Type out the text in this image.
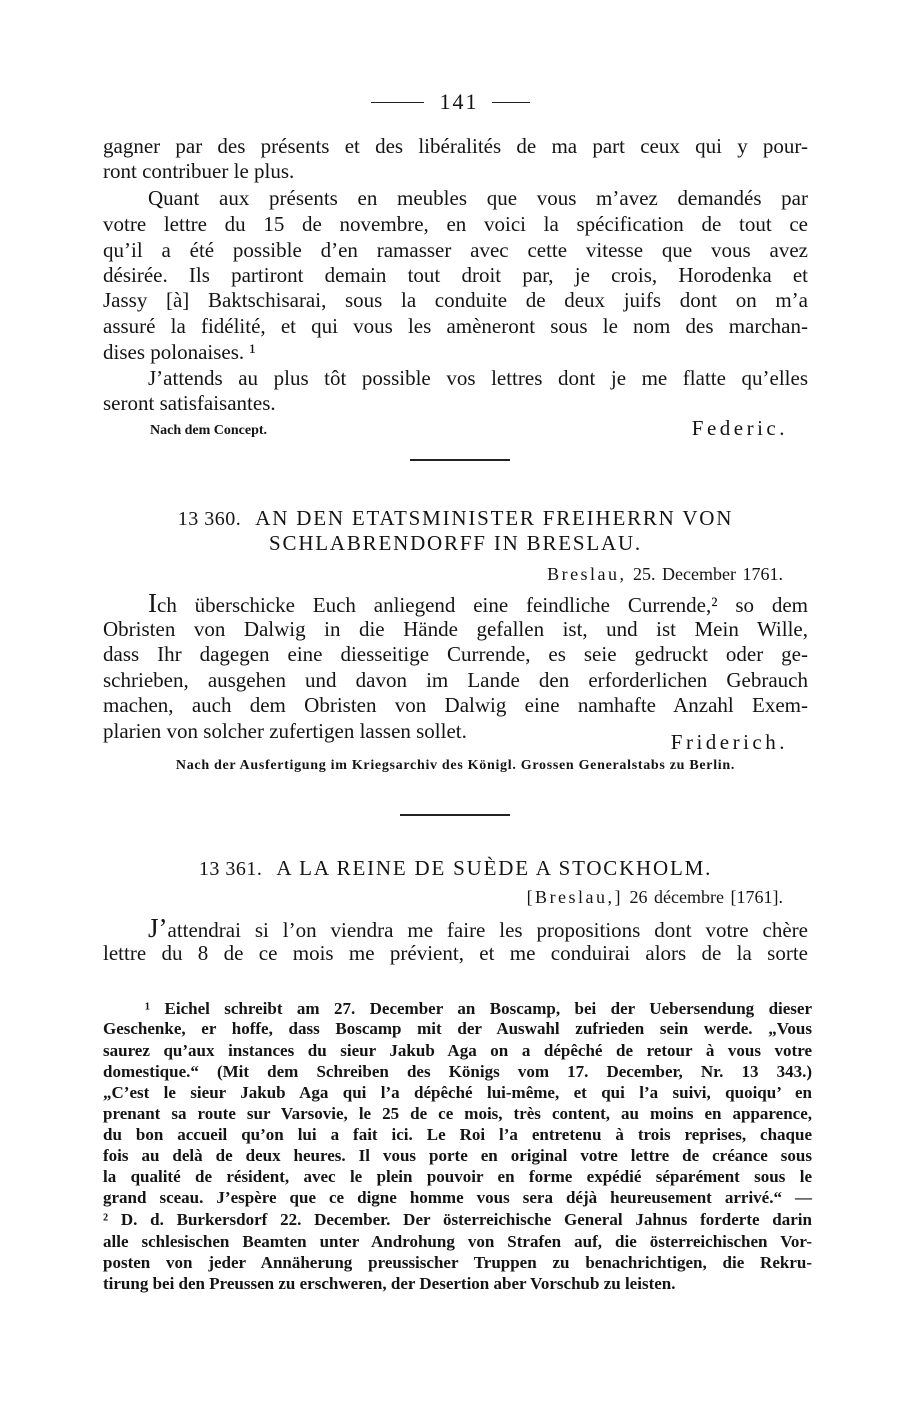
141
gagner par des présents et des libéralités de ma part ceux qui y pour-
ront contribuer le plus.
Quant aux présents en meubles que vous m’avez demandés par
votre lettre du 15 de novembre, en voici la spécification de tout ce
qu’il a été possible d’en ramasser avec cette vitesse que vous avez
désirée. Ils partiront demain tout droit par, je crois, Horodenka et
Jassy [à] Baktschisarai, sous la conduite de deux juifs dont on m’a
assuré la fidélité, et qui vous les amèneront sous le nom des marchan-
dises polonaises. ¹
J’attends au plus tôt possible vos lettres dont je me flatte qu’elles
seront satisfaisantes.
Nach dem Concept.	Federic.
13 360. AN DEN ETATSMINISTER FREIHERRN VON
SCHLABRENDORFF IN BRESLAU.
Breslau, 25. December 1761.
Ich überschicke Euch anliegend eine feindliche Currende,² so dem
Obristen von Dalwig in die Hände gefallen ist, und ist Mein Wille,
dass Ihr dagegen eine diesseitige Currende, es seie gedruckt oder ge-
schrieben, ausgehen und davon im Lande den erforderlichen Gebrauch
machen, auch dem Obristen von Dalwig eine namhafte Anzahl Exem-
plarien von solcher zufertigen lassen sollet.	Friderich.
Nach der Ausfertigung im Kriegsarchiv des Königl. Grossen Generalstabs zu Berlin.
13 361. A LA REINE DE SUÈDE A STOCKHOLM.
[Breslau,] 26 décembre [1761].
J’attendrai si l’on viendra me faire les propositions dont votre chère
lettre du 8 de ce mois me prévient, et me conduirai alors de la sorte
¹ Eichel schreibt am 27. December an Boscamp, bei der Uebersendung dieser
Geschenke, er hoffe, dass Boscamp mit der Auswahl zufrieden sein werde. „Vous
saurez qu’aux instances du sieur Jakub Aga on a dépêché de retour à vous votre
domestique.“ (Mit dem Schreiben des Königs vom 17. December, Nr. 13 343.)
„C’est le sieur Jakub Aga qui l’a dépêché lui-même, et qui l’a suivi, quoiqu’ en
prenant sa route sur Varsovie, le 25 de ce mois, très content, au moins en apparence,
du bon accueil qu’on lui a fait ici. Le Roi l’a entretenu à trois reprises, chaque
fois au delà de deux heures. Il vous porte en original votre lettre de créance sous
la qualité de résident, avec le plein pouvoir en forme expédié séparément sous le
grand sceau. J’espère que ce digne homme vous sera déjà heureusement arrivé.“ —
² D. d. Burkersdorf 22. December. Der österreichische General Jahnus forderte darin
alle schlesischen Beamten unter Androhung von Strafen auf, die österreichischen Vor-
posten von jeder Annäherung preussischer Truppen zu benachrichtigen, die Rekru-
tirung bei den Preussen zu erschweren, der Desertion aber Vorschub zu leisten.
